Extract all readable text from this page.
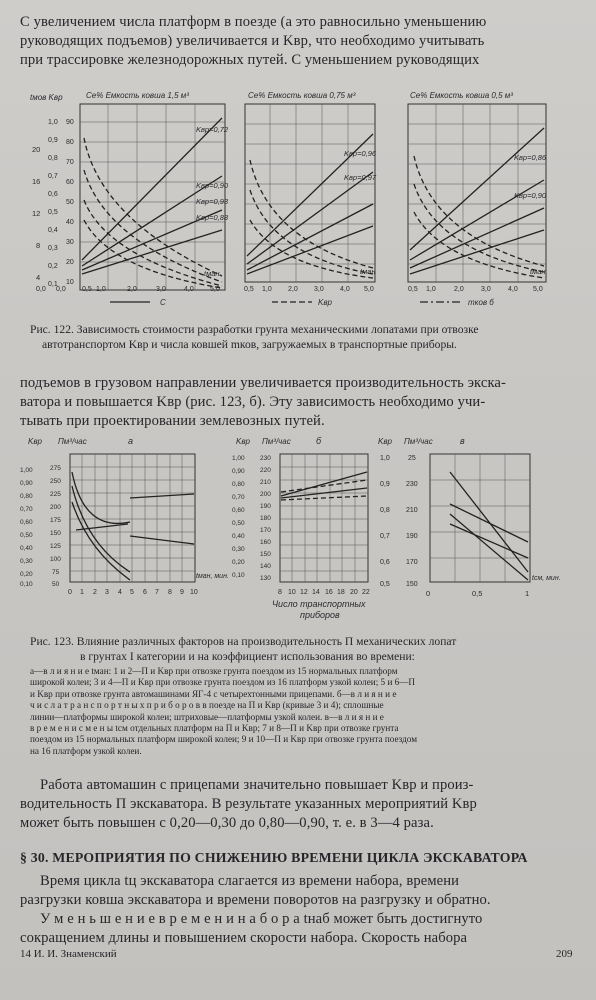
С увеличением числа платформ в поезде (а это равносильно уменьшению
руководящих подъемов) увеличивается и Kвр, что необходимо учитывать
при трассировке железнодорожных путей. С уменьшением руководящих
tмов Kвр	Cе% Емкость ковша 1,5 м³
Kвр=0,72
Kвр=0,90
Kвр=0,93
Kвр=0,88
20
16
12
8
4
1,0
0,9
0,8
0,7
0,6
0,5
0,4
0,3
0,2
0,1
90
80
70
60
50
40
30
20
10
0,0 0,0 0,5 1,0	2,0	3,0	4,0 5,0
tман
C
Cе% Емкость ковша 0,75 м³
Kвр=0,96
Kвр=0,97
0,5 1,0 2,0 3,0 4,0 5,0
tман
Kвр
Cе% Емкость ковша 0,5 м³
Kвр=0,86
Kвр=0,90
0,5 1,0	2,0 3,0 4,0 5,0
tман
mков б
Рис. 122. Зависимость стоимости разработки грунта механическими лопатами при отвозке
автотранспортом Kвр и числа ковшей mков, загружаемых в транспортные приборы.
подъемов в грузовом направлении увеличивается производительность экска-
ватора и повышается Kвр (рис. 123, б). Эту зависимость необходимо учи-
тывать при проектировании землевозных путей.
Kвр Пм³/час	а
1,00
0,90
0,80
0,70
0,60
0,50
0,40
0,30
0,20
0,10
275
250
225
200
175
150
125
100
75
50
0 1 2 3 4 5 6 7 8 9 10
tман, мин.
Kвр Пм³/час	б
1,00
0,90
0,80
0,70
0,60
0,50
0,40
0,30
0,20
0,10
230
220
210
200
190
180
170
160
150
140
130
8 10 12 14 16 18 20 22
Число транспортных
приборов
Kвр Пм³/час	в
1,0
0,9
0,8
0,7
0,6
0,5
25
230
210
190
170
150
0	0,5	1
tсм, мин.
Рис. 123. Влияние различных факторов на производительность П механических лопат
в грунтах I категории и на коэффициент использования во времени:
а—в л и я н и е tман: 1 и 2—П и Kвр при отвозке грунта поездом из 15 нормальных платформ
широкой колеи; 3 и 4—П и Kвр при отвозке грунта поездом из 16 платформ узкой колеи; 5 и 6—П
и Kвр при отвозке грунта автомашинами ЯГ-4 с четырехтонными прицепами. б—в л и я н и е
ч и с л а т р а н с п о р т н ы х п р и б о р о в в поезде на П и Kвр (кривые 3 и 4); сплошные
линии—платформы широкой колеи; штриховые—платформы узкой колеи. в—в л и я н и е
в р е м е н и с м е н ы tсм отдельных платформ на П и Kвр; 7 и 8—П и Kвр при отвозке грунта
поездом из 15 нормальных платформ широкой колеи; 9 и 10—П и Kвр при отвозке грунта поездом
на 16 платформ узкой колеи.
Работа автомашин с прицепами значительно повышает Kвр и произ-
водительность П экскаватора. В результате указанных мероприятий Kвр
может быть повышен с 0,20—0,30 до 0,80—0,90, т. е. в 3—4 раза.
§ 30. МЕРОПРИЯТИЯ ПО СНИЖЕНИЮ ВРЕМЕНИ ЦИКЛА ЭКСКАВАТОРА
Время цикла tц экскаватора слагается из времени набора, времени
разгрузки ковша экскаватора и времени поворотов на разгрузку и обратно.
У м е н ь ш е н и е в р е м е н и н а б о р а tнаб может быть достигнуто
сокращением длины и повышением скорости набора. Скорость набора
14 И. И. Знаменский	209
